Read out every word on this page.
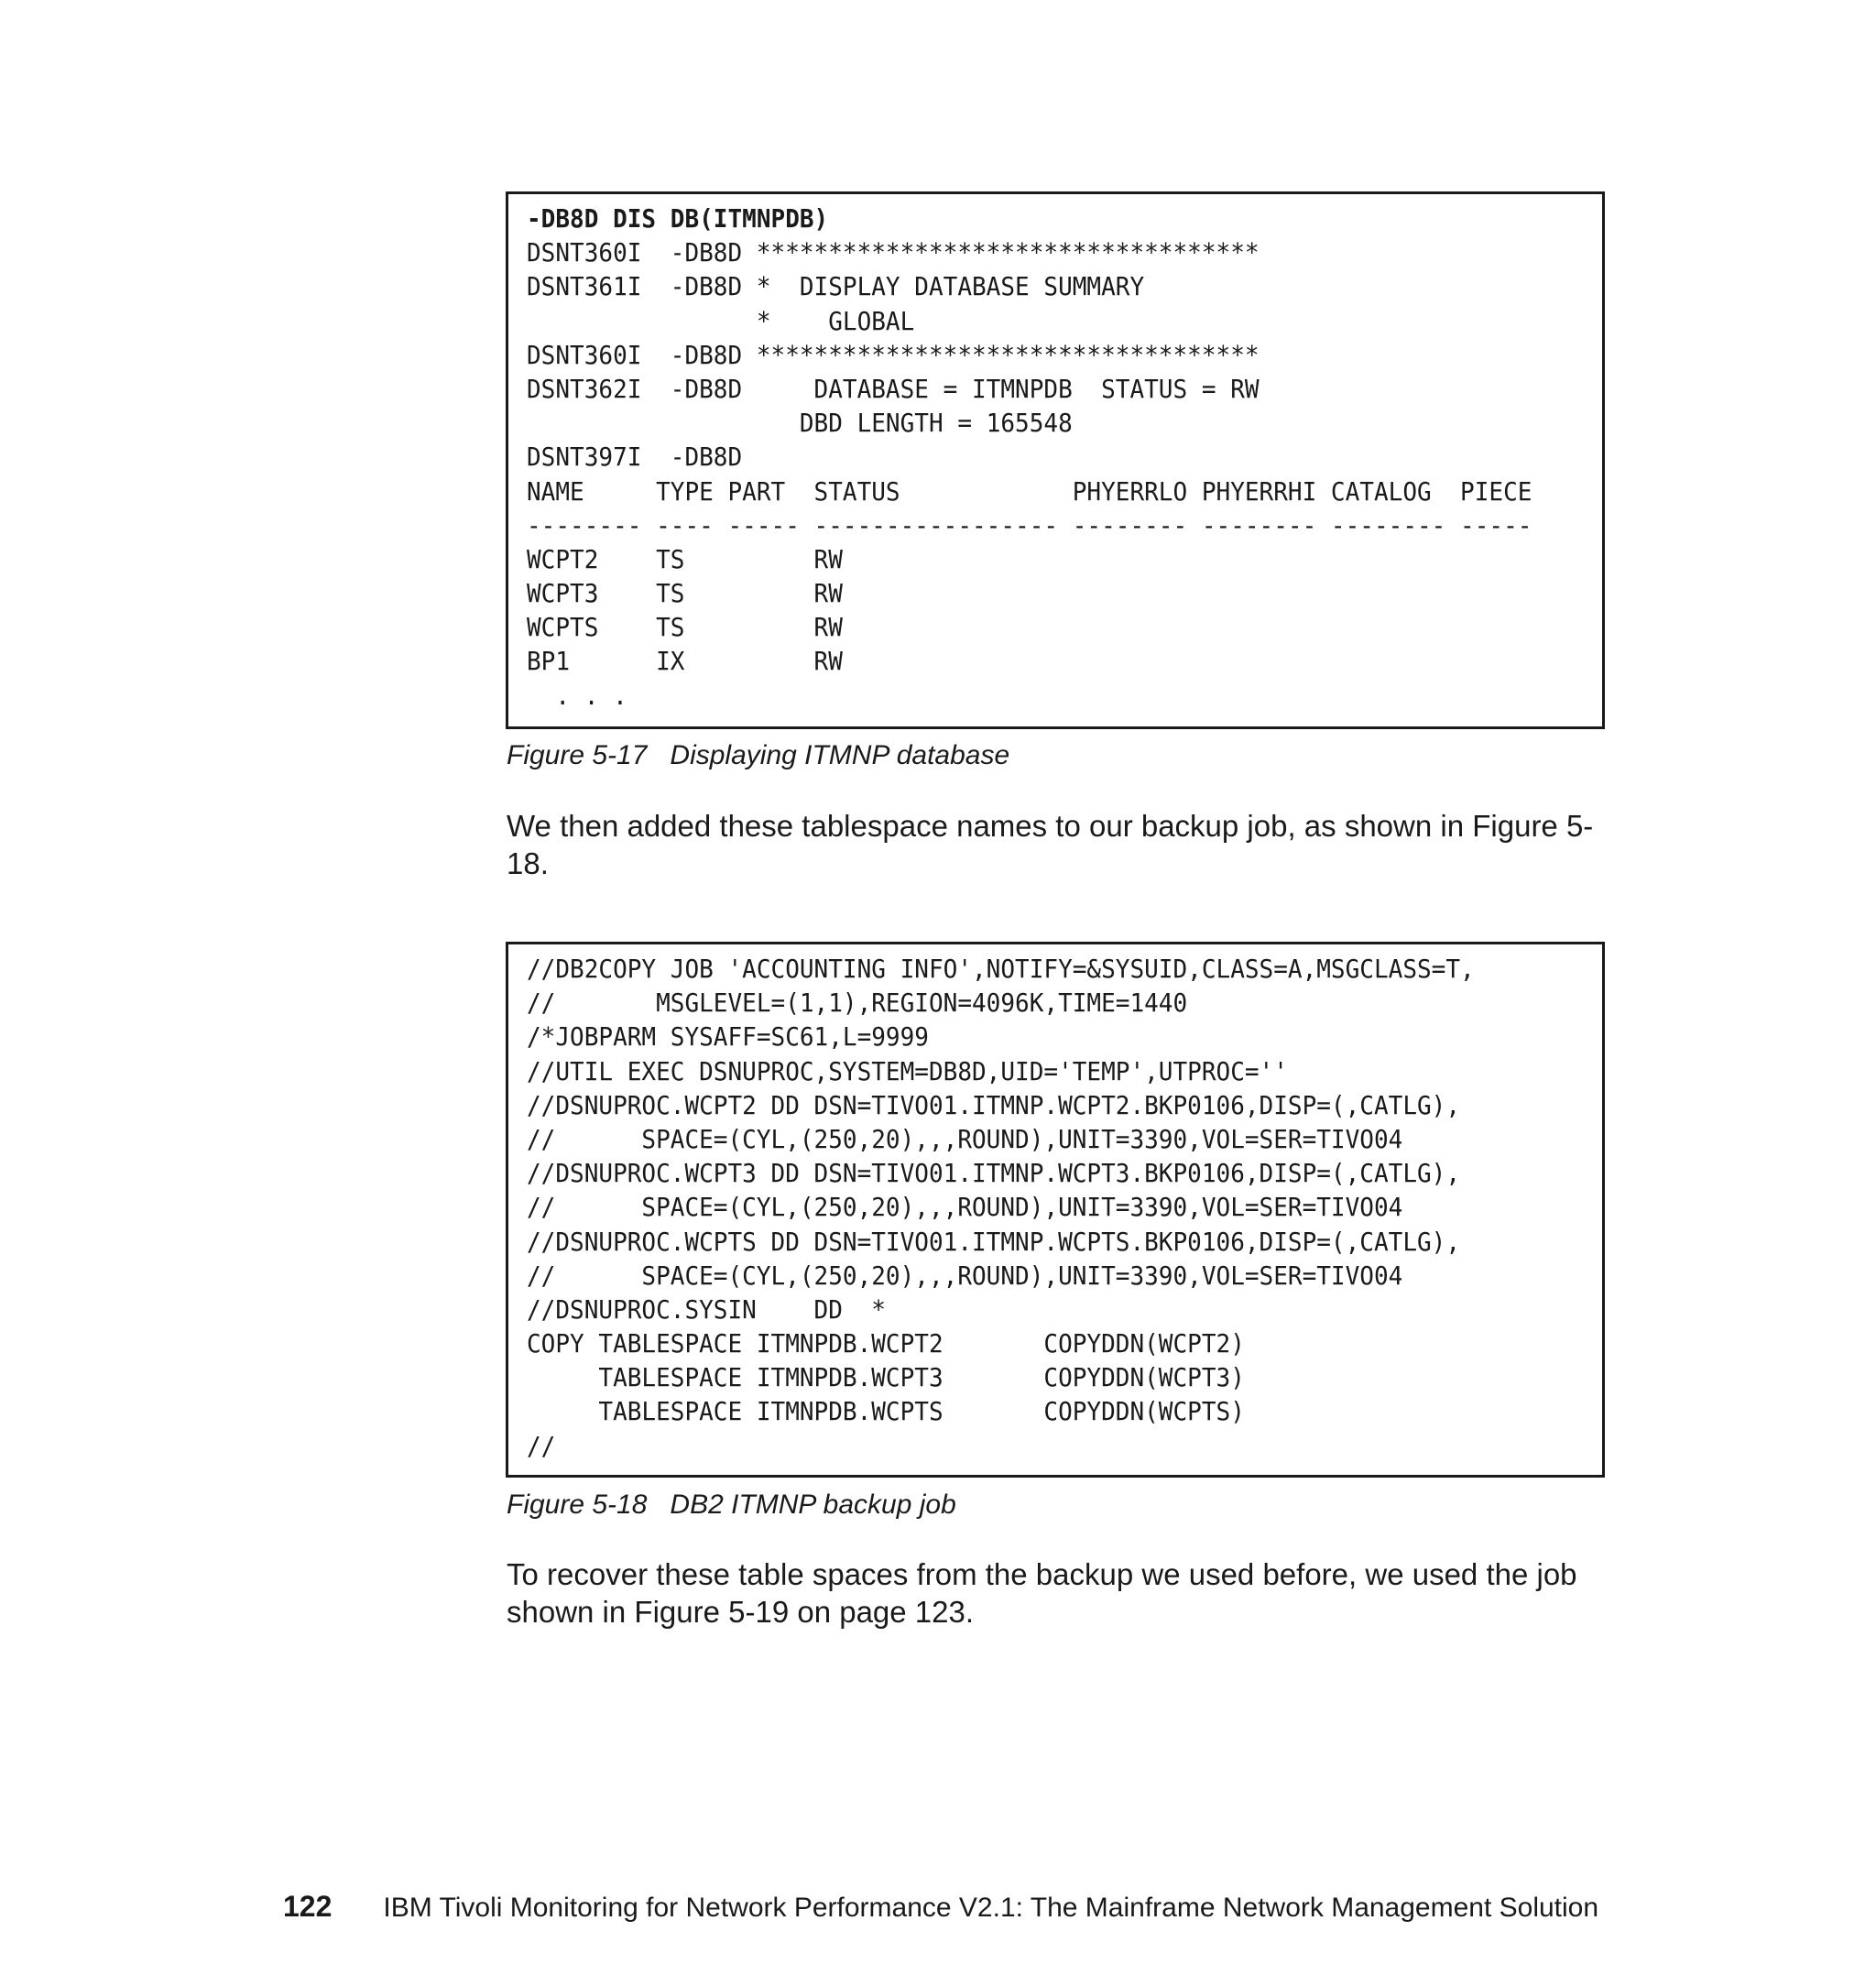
-DB8D DIS DB(ITMNPDB)
DSNT360I  -DB8D ***********************************
DSNT361I  -DB8D *  DISPLAY DATABASE SUMMARY
*    GLOBAL
DSNT360I  -DB8D ***********************************
DSNT362I  -DB8D     DATABASE = ITMNPDB  STATUS = RW
DBD LENGTH = 165548
DSNT397I  -DB8D
NAME     TYPE PART  STATUS            PHYERRLO PHYERRHI CATALOG  PIECE
-------- ---- ----- ----------------- -------- -------- -------- -----
WCPT2    TS         RW
WCPT3    TS         RW
WCPTS    TS         RW
BP1      IX         RW
. . .
Figure 5-17   Displaying ITMNP database

We then added these tablespace names to our backup job, as shown in Figure 5-18.

//DB2COPY JOB 'ACCOUNTING INFO',NOTIFY=&SYSUID,CLASS=A,MSGCLASS=T,
//       MSGLEVEL=(1,1),REGION=4096K,TIME=1440
/*JOBPARM SYSAFF=SC61,L=9999
//UTIL EXEC DSNUPROC,SYSTEM=DB8D,UID='TEMP',UTPROC=''
//DSNUPROC.WCPT2 DD DSN=TIVO01.ITMNP.WCPT2.BKP0106,DISP=(,CATLG),
//      SPACE=(CYL,(250,20),,,ROUND),UNIT=3390,VOL=SER=TIVO04
//DSNUPROC.WCPT3 DD DSN=TIVO01.ITMNP.WCPT3.BKP0106,DISP=(,CATLG),
//      SPACE=(CYL,(250,20),,,ROUND),UNIT=3390,VOL=SER=TIVO04
//DSNUPROC.WCPTS DD DSN=TIVO01.ITMNP.WCPTS.BKP0106,DISP=(,CATLG),
//      SPACE=(CYL,(250,20),,,ROUND),UNIT=3390,VOL=SER=TIVO04
//DSNUPROC.SYSIN    DD  *
COPY TABLESPACE ITMNPDB.WCPT2       COPYDDN(WCPT2)
TABLESPACE ITMNPDB.WCPT3       COPYDDN(WCPT3)
TABLESPACE ITMNPDB.WCPTS       COPYDDN(WCPTS)
//
Figure 5-18   DB2 ITMNP backup job

To recover these table spaces from the backup we used before, we used the job shown in Figure 5-19 on page 123.

122 IBM Tivoli Monitoring for Network Performance V2.1: The Mainframe Network Management Solution
